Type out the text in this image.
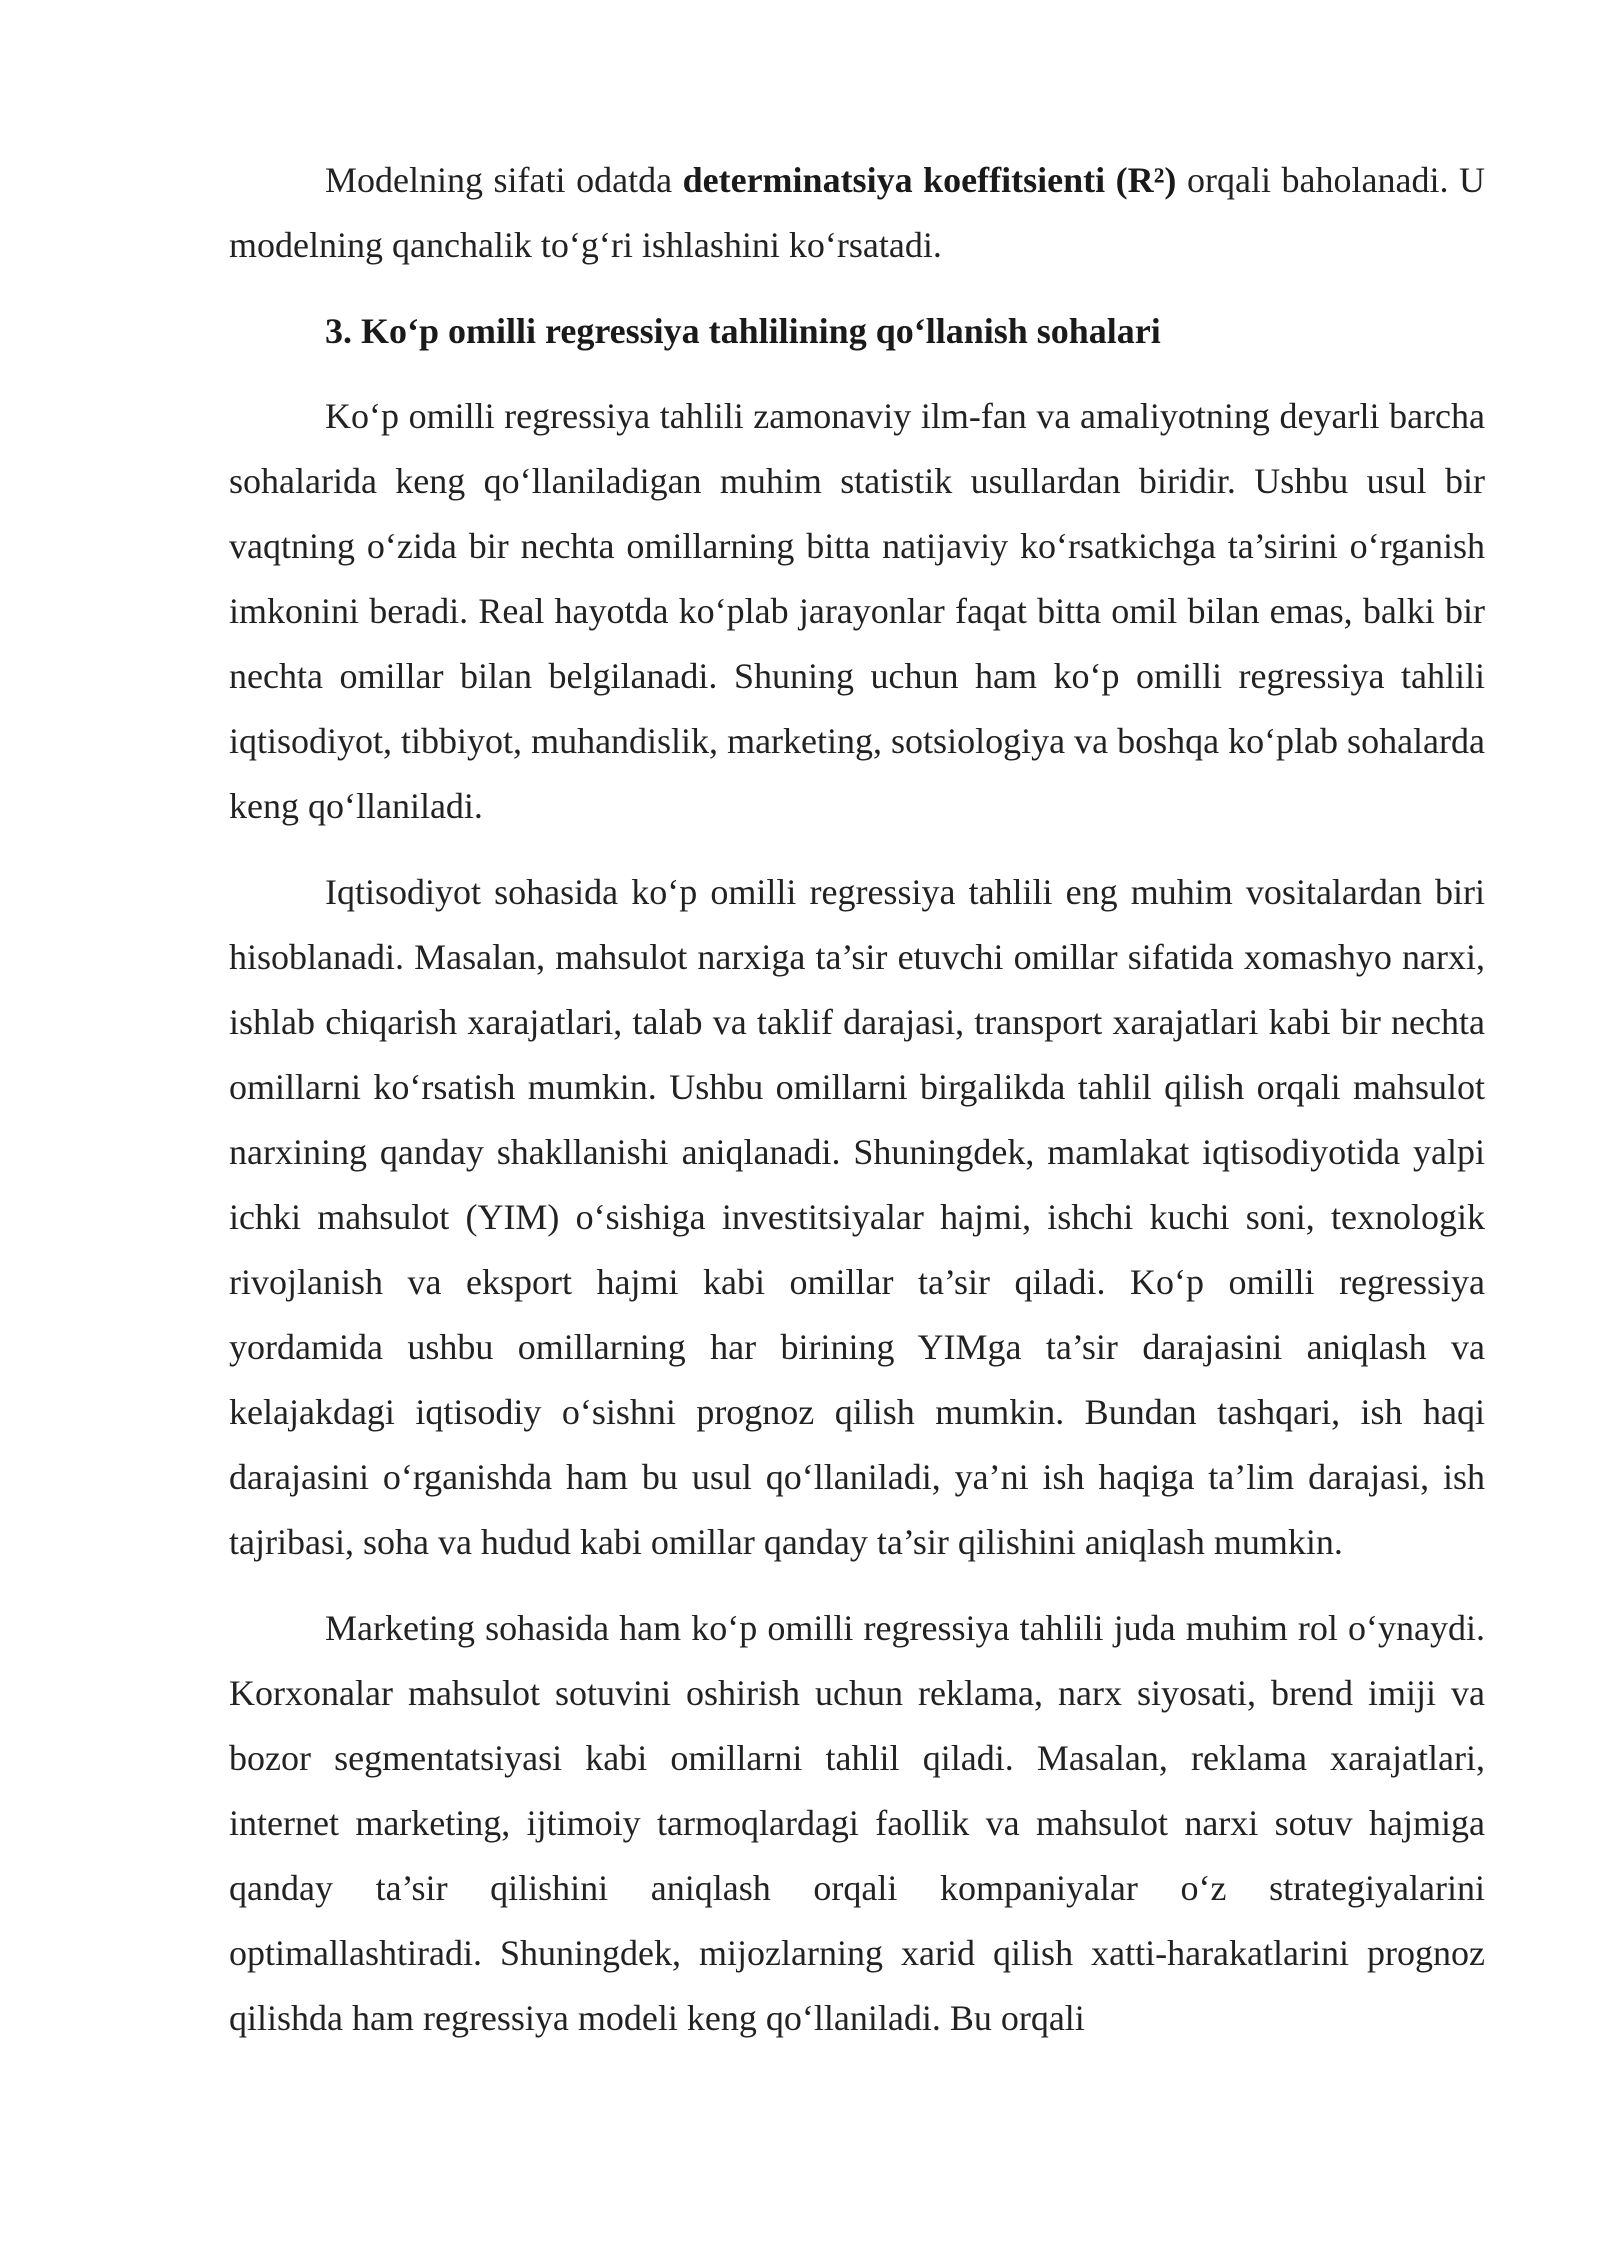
Modelning sifati odatda determinatsiya koeffitsienti (R²) orqali baholanadi. U modelning qanchalik to‘g‘ri ishlashini ko‘rsatadi.

3. Ko‘p omilli regressiya tahlilining qo‘llanish sohalari

Ko‘p omilli regressiya tahlili zamonaviy ilm-fan va amaliyotning deyarli barcha sohalarida keng qo‘llaniladigan muhim statistik usullardan biridir. Ushbu usul bir vaqtning o‘zida bir nechta omillarning bitta natijaviy ko‘rsatkichga ta’sirini o‘rganish imkonini beradi. Real hayotda ko‘plab jarayonlar faqat bitta omil bilan emas, balki bir nechta omillar bilan belgilanadi. Shuning uchun ham ko‘p omilli regressiya tahlili iqtisodiyot, tibbiyot, muhandislik, marketing, sotsiologiya va boshqa ko‘plab sohalarda keng qo‘llaniladi.

Iqtisodiyot sohasida ko‘p omilli regressiya tahlili eng muhim vositalardan biri hisoblanadi. Masalan, mahsulot narxiga ta’sir etuvchi omillar sifatida xomashyo narxi, ishlab chiqarish xarajatlari, talab va taklif darajasi, transport xarajatlari kabi bir nechta omillarni ko‘rsatish mumkin. Ushbu omillarni birgalikda tahlil qilish orqali mahsulot narxining qanday shakllanishi aniqlanadi. Shuningdek, mamlakat iqtisodiyotida yalpi ichki mahsulot (YIM) o‘sishiga investitsiyalar hajmi, ishchi kuchi soni, texnologik rivojlanish va eksport hajmi kabi omillar ta’sir qiladi. Ko‘p omilli regressiya yordamida ushbu omillarning har birining YIMga ta’sir darajasini aniqlash va kelajakdagi iqtisodiy o‘sishni prognoz qilish mumkin. Bundan tashqari, ish haqi darajasini o‘rganishda ham bu usul qo‘llaniladi, ya’ni ish haqiga ta’lim darajasi, ish tajribasi, soha va hudud kabi omillar qanday ta’sir qilishini aniqlash mumkin.

Marketing sohasida ham ko‘p omilli regressiya tahlili juda muhim rol o‘ynaydi. Korxonalar mahsulot sotuvini oshirish uchun reklama, narx siyosati, brend imiji va bozor segmentatsiyasi kabi omillarni tahlil qiladi. Masalan, reklama xarajatlari, internet marketing, ijtimoiy tarmoqlardagi faollik va mahsulot narxi sotuv hajmiga qanday ta’sir qilishini aniqlash orqali kompaniyalar o‘z strategiyalarini optimallashtiradi. Shuningdek, mijozlarning xarid qilish xatti-harakatlarini prognoz qilishda ham regressiya modeli keng qo‘llaniladi. Bu orqali
